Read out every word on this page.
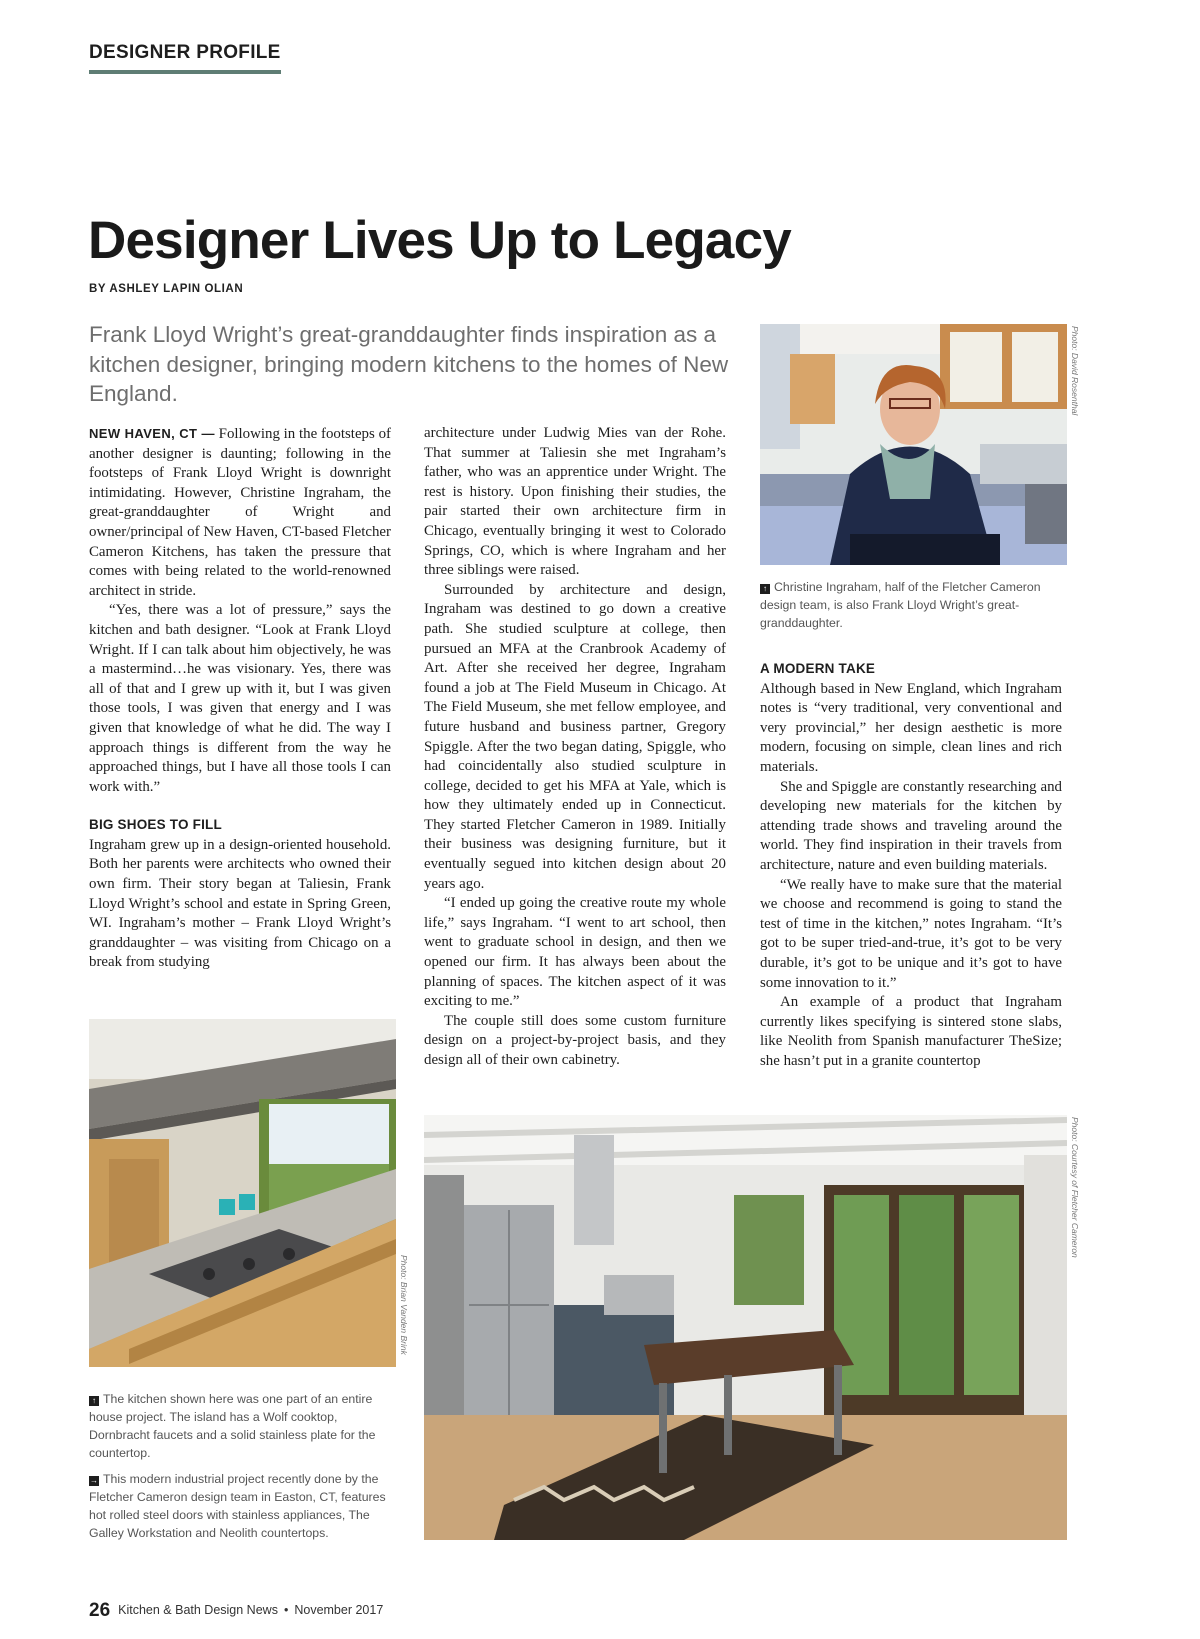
DESIGNER PROFILE
Designer Lives Up to Legacy
BY ASHLEY LAPIN OLIAN

Frank Lloyd Wright’s great-granddaughter finds inspiration as a kitchen designer, bringing modern kitchens to the homes of New England.

NEW HAVEN, CT — Following in the footsteps of another designer is daunting; following in the footsteps of Frank Lloyd Wright is downright intimidating. However, Christine Ingraham, the great-granddaughter of Wright and owner/principal of New Haven, CT-based Fletcher Cameron Kitchens, has taken the pressure that comes with being related to the world-renowned architect in stride.

“Yes, there was a lot of pressure,” says the kitchen and bath designer. “Look at Frank Lloyd Wright. If I can talk about him objectively, he was a mastermind…he was visionary. Yes, there was all of that and I grew up with it, but I was given those tools, I was given that energy and I was given that knowledge of what he did. The way I approach things is different from the way he approached things, but I have all those tools I can work with.”

BIG SHOES TO FILL

Ingraham grew up in a design-oriented household. Both her parents were architects who owned their own firm. Their story began at Taliesin, Frank Lloyd Wright’s school and estate in Spring Green, WI. Ingraham’s mother – Frank Lloyd Wright’s granddaughter – was visiting from Chicago on a break from studying

architecture under Ludwig Mies van der Rohe. That summer at Taliesin she met Ingraham’s father, who was an apprentice under Wright. The rest is history. Upon finishing their studies, the pair started their own architecture firm in Chicago, eventually bringing it west to Colorado Springs, CO, which is where Ingraham and her three siblings were raised.

Surrounded by architecture and design, Ingraham was destined to go down a creative path. She studied sculpture at college, then pursued an MFA at the Cranbrook Academy of Art. After she received her degree, Ingraham found a job at The Field Museum in Chicago. At The Field Museum, she met fellow employee, and future husband and business partner, Gregory Spiggle. After the two began dating, Spiggle, who had coincidentally also studied sculpture in college, decided to get his MFA at Yale, which is how they ultimately ended up in Connecticut. They started Fletcher Cameron in 1989. Initially their business was designing furniture, but it eventually segued into kitchen design about 20 years ago.

“I ended up going the creative route my whole life,” says Ingraham. “I went to art school, then went to graduate school in design, and then we opened our firm. It has always been about the planning of spaces. The kitchen aspect of it was exciting to me.”

The couple still does some custom furniture design on a project-by-project basis, and they design all of their own cabinetry.

A MODERN TAKE

Although based in New England, which Ingraham notes is “very traditional, very conventional and very provincial,” her design aesthetic is more modern, focusing on simple, clean lines and rich materials.

She and Spiggle are constantly researching and developing new materials for the kitchen by attending trade shows and traveling around the world. They find inspiration in their travels from architecture, nature and even building materials.

“We really have to make sure that the material we choose and recommend is going to stand the test of time in the kitchen,” notes Ingraham. “It’s got to be super tried-and-true, it’s got to be very durable, it’s got to be unique and it’s got to have some innovation to it.”

An example of a product that Ingraham currently likes specifying is sintered stone slabs, like Neolith from Spanish manufacturer TheSize; she hasn’t put in a granite countertop

Photo: David Rosenthal
↑ Christine Ingraham, half of the Fletcher Cameron design team, is also Frank Lloyd Wright’s great-granddaughter.
Photo: Brian Vanden Brink
↑ The kitchen shown here was one part of an entire house project. The island has a Wolf cooktop, Dornbracht faucets and a solid stainless plate for the countertop.
→ This modern industrial project recently done by the Fletcher Cameron design team in Easton, CT, features hot rolled steel doors with stainless appliances, The Galley Workstation and Neolith countertops.
Photo: Courtesy of Fletcher Cameron
26 Kitchen & Bath Design News • November 2017
